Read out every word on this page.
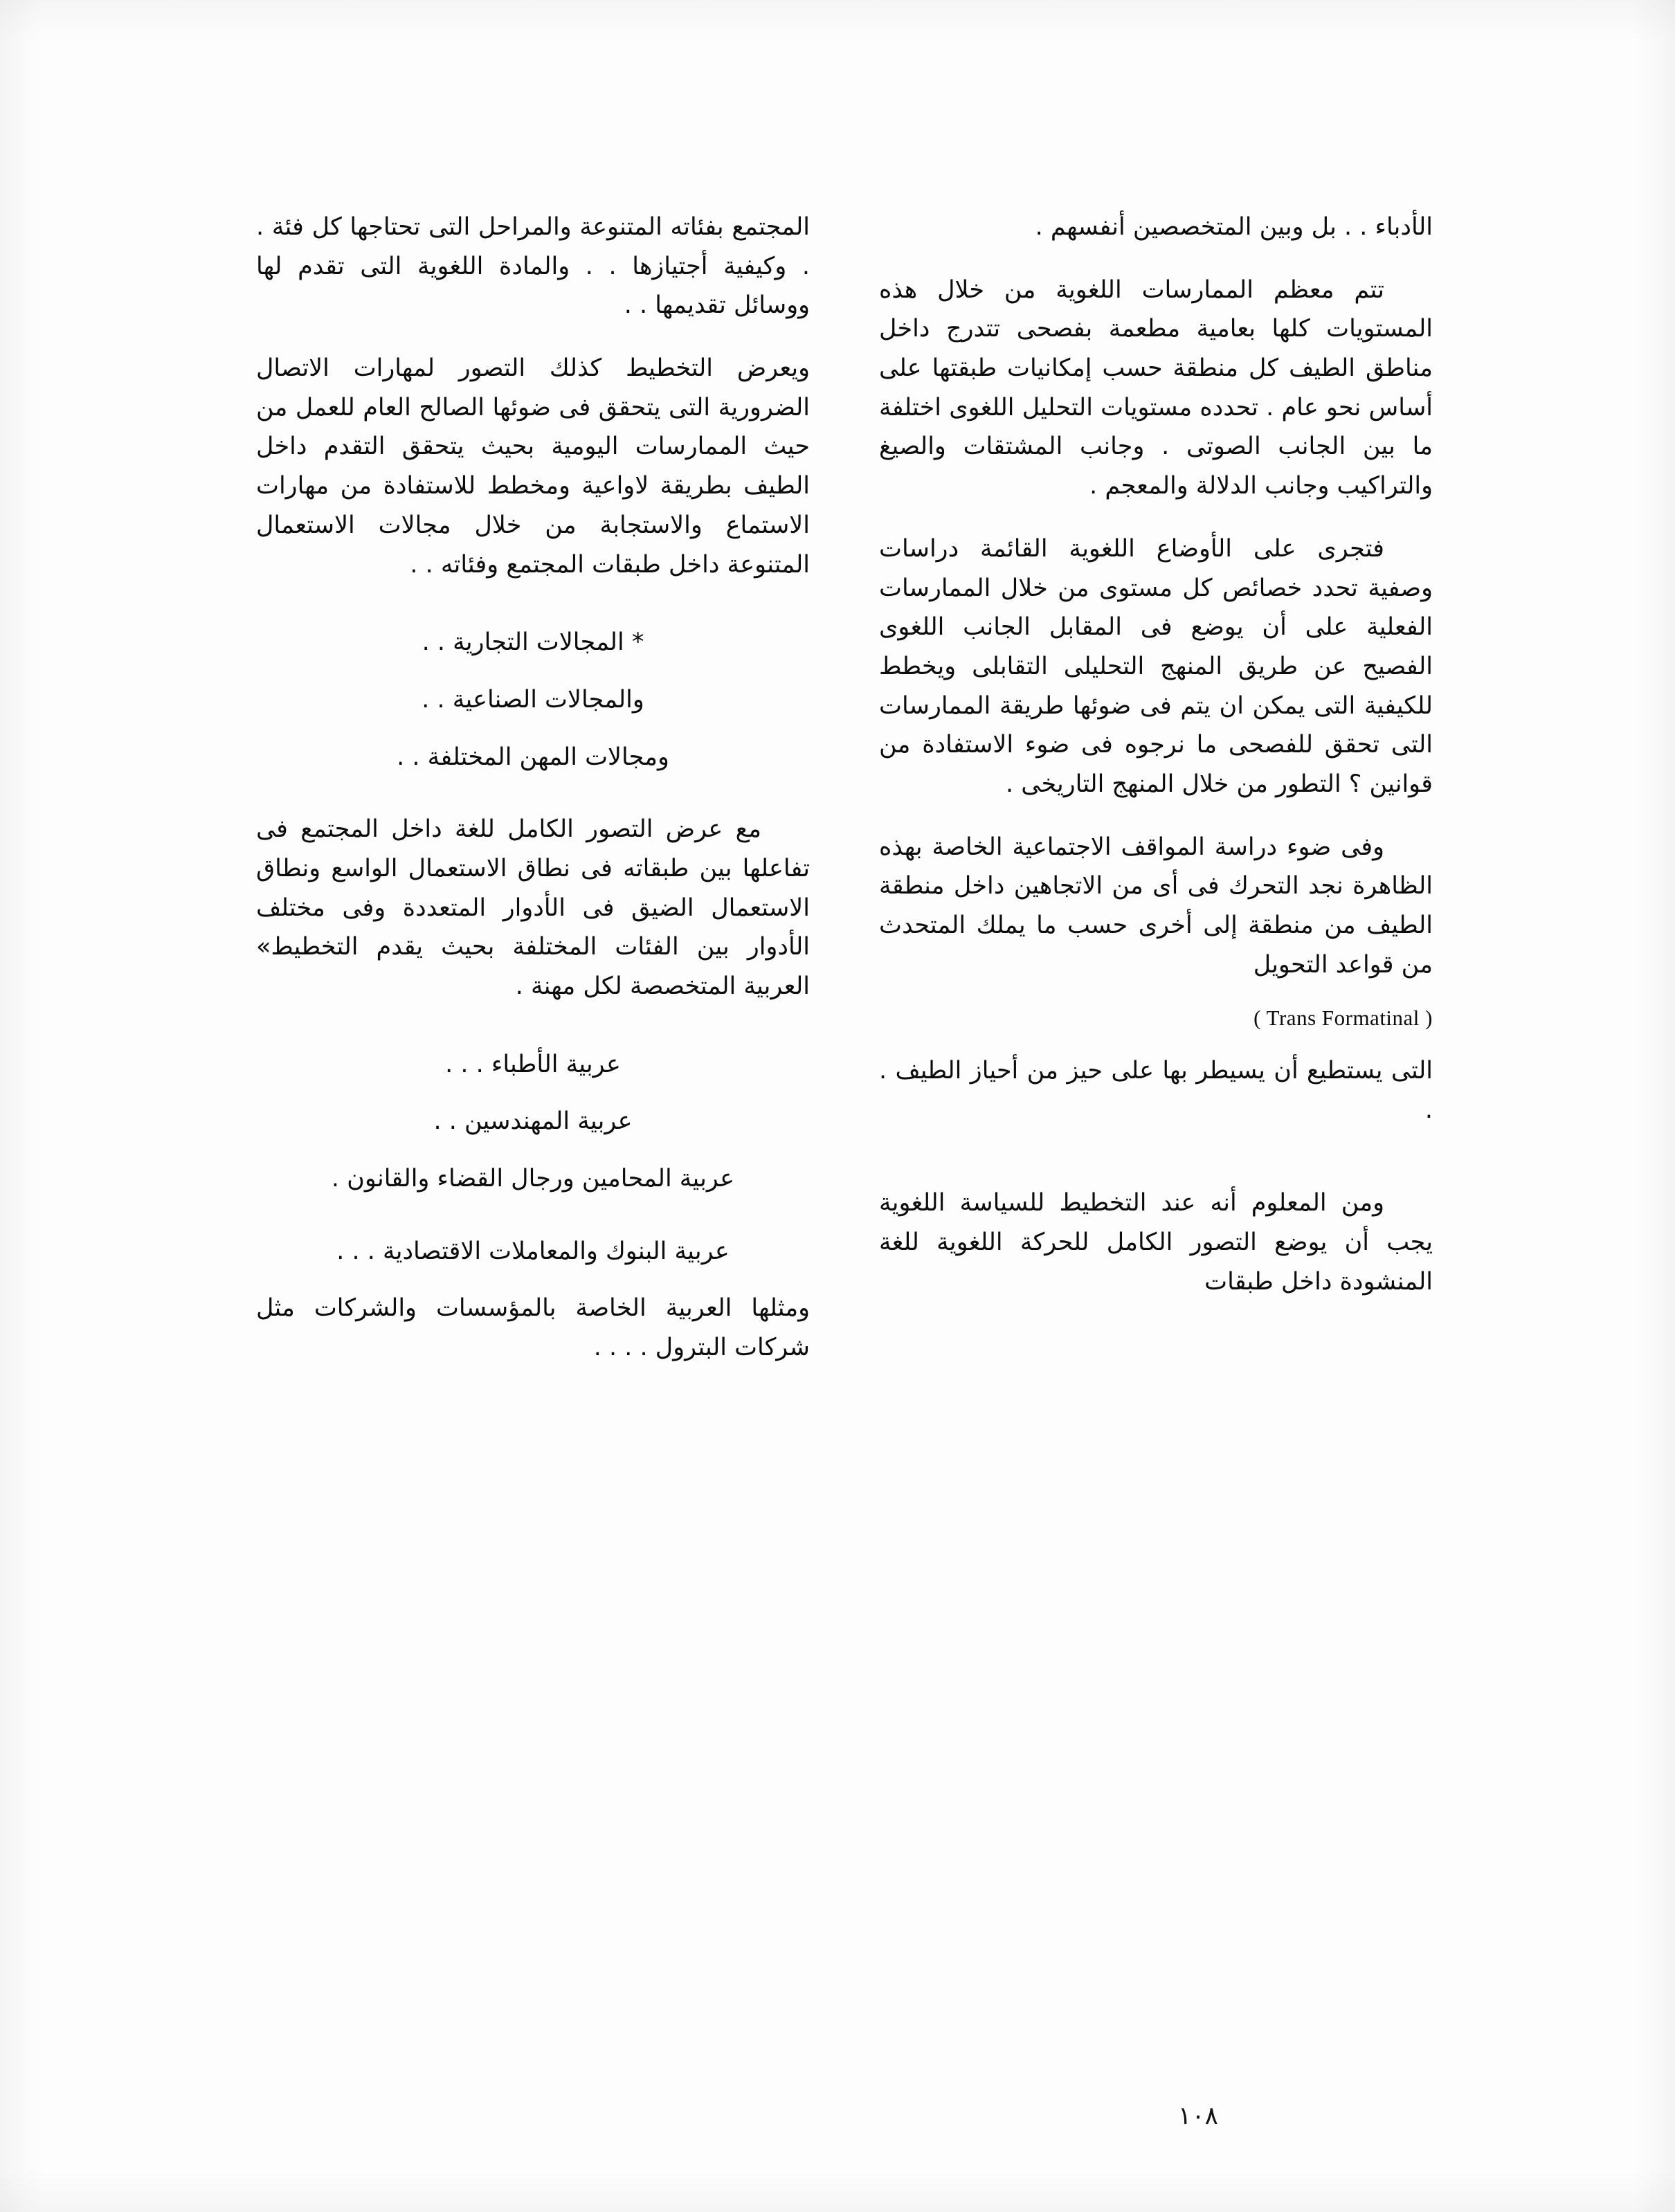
الأدباء . . بل وبين المتخصصين أنفسهم .

تتم معظم الممارسات اللغوية من خلال هذه المستويات كلها بعامية مطعمة بفصحى تتدرج داخل مناطق الطيف كل منطقة حسب إمكانيات طبقتها على أساس نحو عام . تحدده مستويات التحليل اللغوى اختلفة ما بين الجانب الصوتى . وجانب المشتقات والصيغ والتراكيب وجانب الدلالة والمعجم .

فتجرى على الأوضاع اللغوية القائمة دراسات وصفية تحدد خصائص كل مستوى من خلال الممارسات الفعلية على أن يوضع فى المقابل الجانب اللغوى الفصيح عن طريق المنهج التحليلى التقابلى ويخطط للكيفية التى يمكن ان يتم فى ضوئها طريقة الممارسات التى تحقق للفصحى ما نرجوه فى ضوء الاستفادة من قوانين ؟ التطور من خلال المنهج التاريخى .

وفى ضوء دراسة المواقف الاجتماعية الخاصة بهذه الظاهرة نجد التحرك فى أى من الاتجاهين داخل منطقة الطيف من منطقة إلى أخرى حسب ما يملك المتحدث من قواعد التحويل

( Trans Formatinal )

التى يستطيع أن يسيطر بها على حيز من أحياز الطيف . .

ومن المعلوم أنه عند التخطيط للسياسة اللغوية يجب أن يوضع التصور الكامل للحركة اللغوية للغة المنشودة داخل طبقات

المجتمع بفئاته المتنوعة والمراحل التى تحتاجها كل فئة . . وكيفية أجتيازها . . والمادة اللغوية التى تقدم لها ووسائل تقديمها . .

ويعرض التخطيط كذلك التصور لمهارات الاتصال الضرورية التى يتحقق فى ضوئها الصالح العام للعمل من حيث الممارسات اليومية بحيث يتحقق التقدم داخل الطيف بطريقة لاواعية ومخطط للاستفادة من مهارات الاستماع والاستجابة من خلال مجالات الاستعمال المتنوعة داخل طبقات المجتمع وفئاته . .

* المجالات التجارية . .

والمجالات الصناعية . .

ومجالات المهن المختلفة . .

مع عرض التصور الكامل للغة داخل المجتمع فى تفاعلها بين طبقاته فى نطاق الاستعمال الواسع ونطاق الاستعمال الضيق فى الأدوار المتعددة وفى مختلف الأدوار بين الفئات المختلفة بحيث يقدم التخطيط» العربية المتخصصة لكل مهنة .

عربية الأطباء . . .

عربية المهندسين . .

عربية المحامين ورجال القضاء والقانون .

عربية البنوك والمعاملات الاقتصادية . . .

ومثلها العربية الخاصة بالمؤسسات والشركات مثل شركات البترول . . . .

١٠٨
